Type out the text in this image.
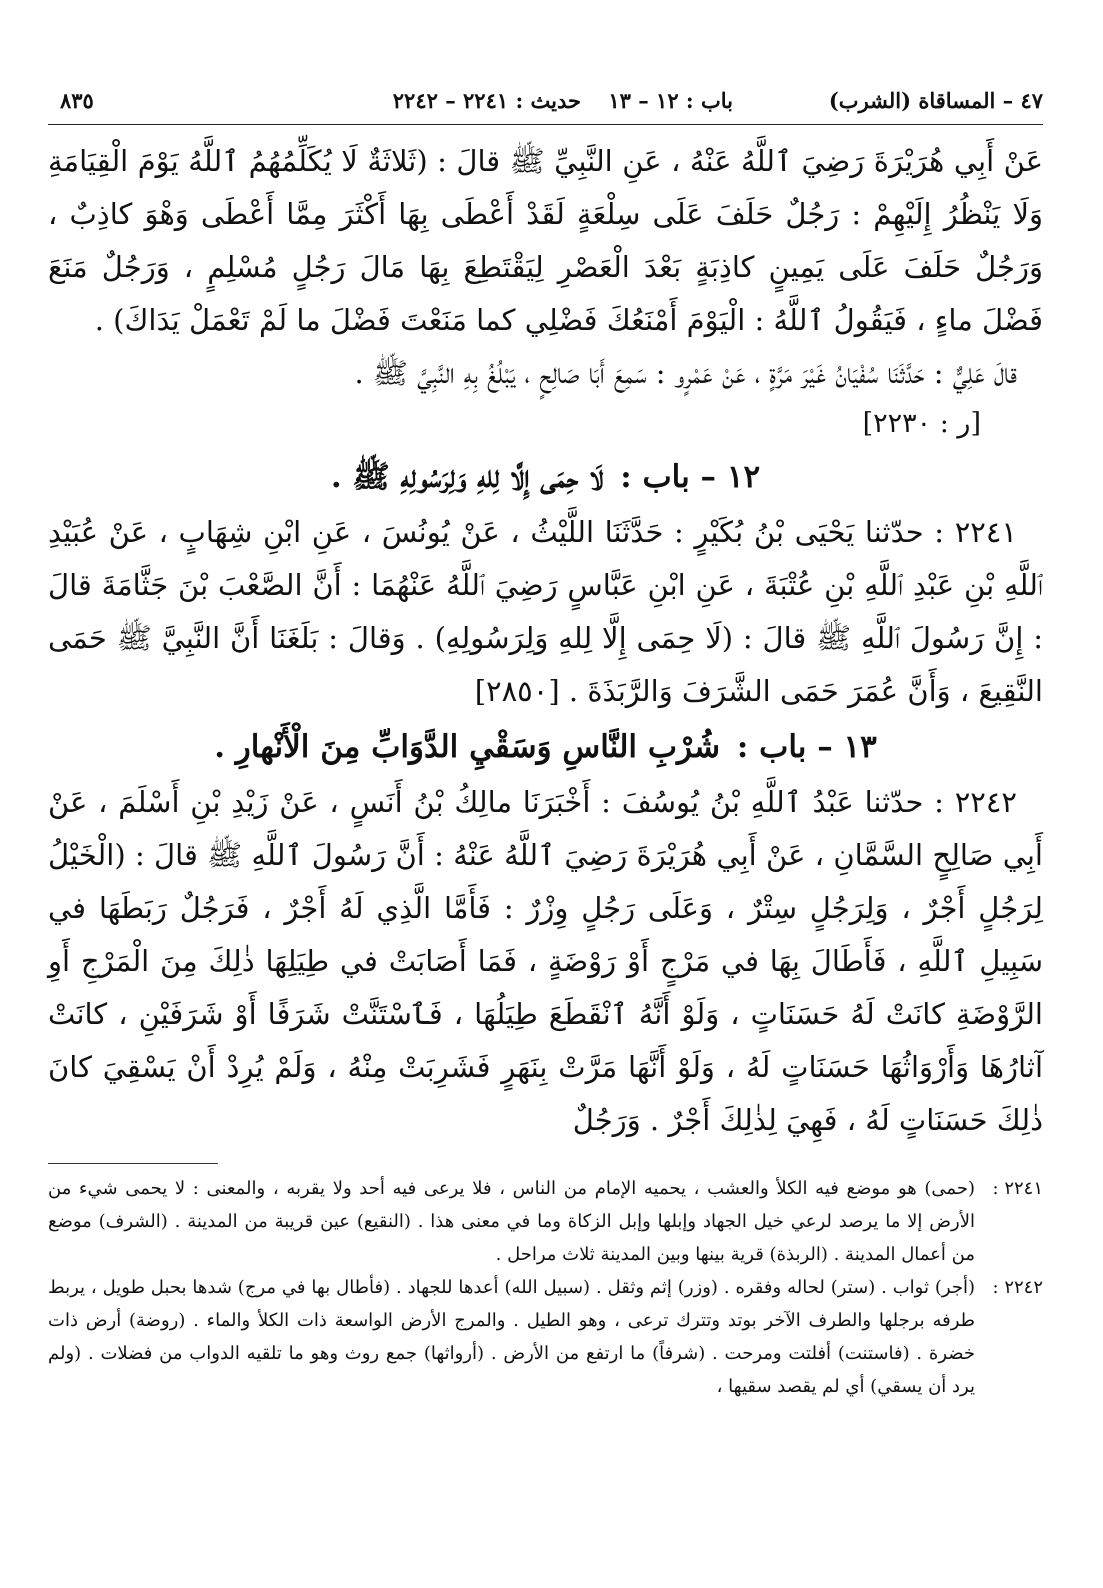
٤٧ – المساقاة (الشرب)
باب : ١٢ – ١٣
حديث : ٢٢٤١ – ٢٢٤٢
٨٣٥

عَنْ أَبِي هُرَيْرَةَ رَضِيَ ٱللَّهُ عَنْهُ ، عَنِ النَّبِيِّ ﷺ قالَ : (ثَلاثَةٌ لَا يُكَلِّمُهُمُ ٱللَّهُ يَوْمَ الْقِيَامَةِ وَلَا يَنْظُرُ إِلَيْهِمْ : رَجُلٌ حَلَفَ عَلَى سِلْعَةٍ لَقَدْ أَعْطَى بِهَا أَكْثَرَ مِمَّا أَعْطَى وَهْوَ كاذِبٌ ، وَرَجُلٌ حَلَفَ عَلَى يَمِينٍ كاذِبَةٍ بَعْدَ الْعَصْرِ لِيَقْتَطِعَ بِهَا مَالَ رَجُلٍ مُسْلِمٍ ، وَرَجُلٌ مَنَعَ فَضْلَ ماءٍ ، فَيَقُولُ ٱللَّهُ : الْيَوْمَ أَمْنَعُكَ فَضْلِي كما مَنَعْتَ فَضْلَ ما لَمْ تَعْمَلْ يَدَاكَ) .

قالَ عَلِيٌّ : حَدَّثَنَا سُفْيَانُ غَيْرَ مَرَّةٍ ، عَنْ عَمْرٍو : سَمِعَ أَبَا صَالِحٍ ، يَبْلُغُ بِهِ النَّبِيَّ ﷺ .

[ر : ٢٢٣٠]

١٢ – باب : لَا حِمَى إِلَّا لِلهِ وَلِرَسُولِهِ ﷺ .

٢٢٤١ : حدّثنا يَحْيَى بْنُ بُكَيْرٍ : حَدَّثَنَا اللَّيْثُ ، عَنْ يُونُسَ ، عَنِ ابْنِ شِهَابٍ ، عَنْ عُبَيْدِ ٱللَّهِ بْنِ عَبْدِ ٱللَّهِ بْنِ عُتْبَةَ ، عَنِ ابْنِ عَبَّاسٍ رَضِيَ ٱللَّهُ عَنْهُمَا : أَنَّ الصَّعْبَ بْنَ جَثَّامَةَ قالَ : إِنَّ رَسُولَ ٱللَّهِ ﷺ قالَ : (لَا حِمَى إِلَّا لِلهِ وَلِرَسُولِهِ) . وَقالَ : بَلَغَنَا أَنَّ النَّبِيَّ ﷺ حَمَى النَّقِيعَ ، وَأَنَّ عُمَرَ حَمَى الشَّرَفَ وَالرَّبَذَةَ . [٢٨٥٠]

١٣ – باب : شُرْبِ النَّاسِ وَسَقْيِ الدَّوَابِّ مِنَ الْأَنْهارِ .

٢٢٤٢ : حدّثنا عَبْدُ ٱللَّهِ بْنُ يُوسُفَ : أَخْبَرَنَا مالِكُ بْنُ أَنَسٍ ، عَنْ زَيْدِ بْنِ أَسْلَمَ ، عَنْ أَبِي صَالِحٍ السَّمَّانِ ، عَنْ أَبِي هُرَيْرَةَ رَضِيَ ٱللَّهُ عَنْهُ : أَنَّ رَسُولَ ٱللَّهِ ﷺ قالَ : (الْخَيْلُ لِرَجُلٍ أَجْرٌ ، وَلِرَجُلٍ سِتْرٌ ، وَعَلَى رَجُلٍ وِزْرٌ : فَأَمَّا الَّذِي لَهُ أَجْرٌ ، فَرَجُلٌ رَبَطَهَا في سَبِيلِ ٱللَّهِ ، فَأَطَالَ بِهَا في مَرْجٍ أَوْ رَوْضَةٍ ، فَمَا أَصَابَتْ في طِيَلِهَا ذٰلِكَ مِنَ الْمَرْجِ أَوِ الرَّوْضَةِ كانَتْ لَهُ حَسَنَاتٍ ، وَلَوْ أَنَّهُ ٱنْقَطَعَ طِيَلُهَا ، فَٱسْتَنَّتْ شَرَفًا أَوْ شَرَفَيْنِ ، كانَتْ آثارُهَا وَأَرْوَاثُهَا حَسَنَاتٍ لَهُ ، وَلَوْ أَنَّهَا مَرَّتْ بِنَهَرٍ فَشَرِبَتْ مِنْهُ ، وَلَمْ يُرِدْ أَنْ يَسْقِيَ كانَ ذٰلِكَ حَسَنَاتٍ لَهُ ، فَهِيَ لِذٰلِكَ أَجْرٌ . وَرَجُلٌ

٢٢٤١ :
(حمى) هو موضع فيه الكلأ والعشب ، يحميه الإمام من الناس ، فلا يرعى فيه أحد ولا يقربه ، والمعنى : لا يحمى شيء من الأرض إلا ما يرصد لرعي خيل الجهاد وإبلها وإبل الزكاة وما في معنى هذا . (النقيع) عين قريبة من المدينة . (الشرف) موضع من أعمال المدينة . (الربذة) قرية بينها وبين المدينة ثلاث مراحل .

٢٢٤٢ :
(أجر) ثواب . (ستر) لحاله وفقره . (وزر) إثم وثقل . (سبيل الله) أعدها للجهاد . (فأطال بها في مرج) شدها بحبل طويل ، يربط طرفه برجلها والطرف الآخر بوتد وتترك ترعى ، وهو الطيل . والمرج الأرض الواسعة ذات الكلأ والماء . (روضة) أرض ذات خضرة . (فاستنت) أفلتت ومرحت . (شرفاً) ما ارتفع من الأرض . (أرواثها) جمع روث وهو ما تلقيه الدواب من فضلات . (ولم يرد أن يسقي) أي لم يقصد سقيها ،
